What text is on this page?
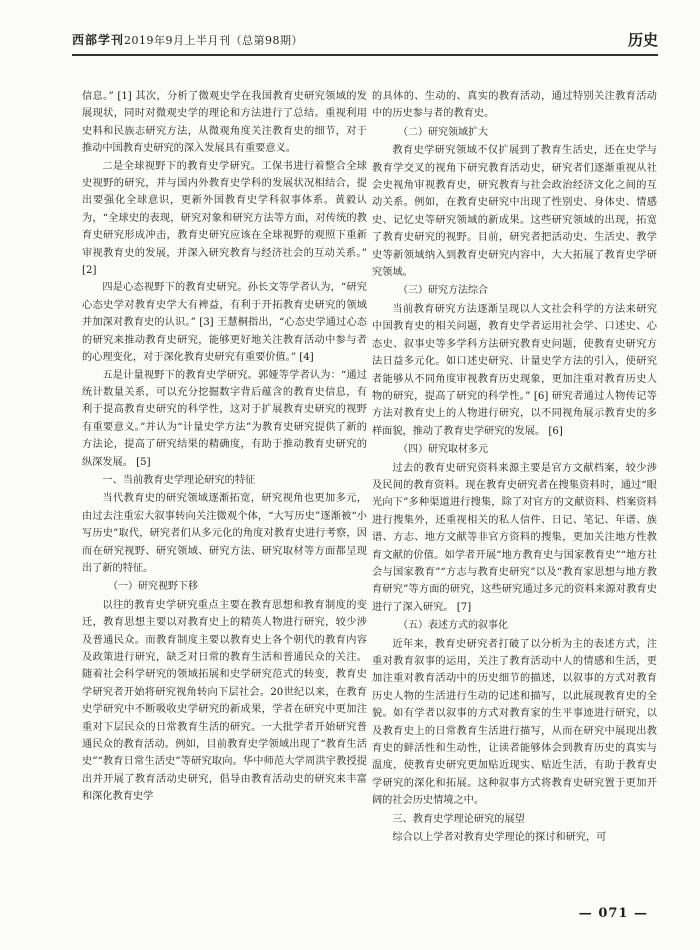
西部学刊 2019年9月上半月刊（总第98期）	历史

信息。” [1] 其次，分析了微观史学在我国教育史研究领域的发展现状，同时对微观史学的理论和方法进行了总结。重视利用史料和民族志研究方法，从微观角度关注教育史的细节，对于推动中国教育史研究的深入发展具有重要意义。

二是全球视野下的教育史学研究。工保书进行着整合全球史视野的研究，并与国内外教育史学科的发展状况相结合，提出要强化全球意识，更新外国教育史学科叙事体系。黄毅认为，“全球史的表现，研究对象和研究方法等方面，对传统的教育史研究形成冲击，教育史研究应该在全球视野的观照下重新审视教育史的发展，并深入研究教育与经济社会的互动关系。” [2]

四是心态视野下的教育史研究。孙长文等学者认为，“研究心态史学对教育史学大有裨益，有利于开拓教育史研究的领域并加深对教育史的认识。” [3] 王慧桐指出，“心态史学通过心态的研究来推动教育史研究，能够更好地关注教育活动中参与者的心理变化，对于深化教育史研究有重要价值。” [4]

五是计量视野下的教育史学研究。郭娅等学者认为：“通过统计数量关系，可以充分挖掘数字背后蕴含的教育史信息，有利于提高教育史研究的科学性，这对于扩展教育史研究的视野有重要意义。”并认为“计量史学方法”为教育史研究提供了新的方法论，提高了研究结果的精确度，有助于推动教育史研究的纵深发展。 [5]

一、当前教育史学理论研究的特征

当代教育史的研究领域逐渐拓宽，研究视角也更加多元，由过去注重宏大叙事转向关注微观个体，“大写历史”逐渐被“小写历史”取代，研究者们从多元化的角度对教育史进行考察，因而在研究视野、研究领域、研究方法、研究取材等方面都呈现出了新的特征。

（一）研究视野下移

以往的教育史学研究重点主要在教育思想和教育制度的变迁，教育思想主要以对教育史上的精英人物进行研究，较少涉及普通民众。而教育制度主要以教育史上各个朝代的教育内容及政策进行研究，缺乏对日常的教育生活和普通民众的关注。随着社会科学研究的领域拓展和史学研究范式的转变，教育史学研究者开始将研究视角转向下层社会。20世纪以来，在教育史学研究中不断吸收史学研究的新成果，学者在研究中更加注重对下层民众的日常教育生活的研究。一大批学者开始研究普通民众的教育活动。例如，目前教育史学领域出现了“教育生活史”“教育日常生活史”等研究取向。华中师范大学周洪宇教授提出并开展了教育活动史研究，倡导由教育活动史的研究来丰富和深化教育史学

的具体的、生动的、真实的教育活动，通过特别关注教育活动中的历史参与者的教育史。

（二）研究领域扩大

教育史学研究领域不仅扩展到了教育生活史，还在史学与教育学交叉的视角下研究教育活动史，研究者们逐渐重视从社会史视角审视教育史，研究教育与社会政治经济文化之间的互动关系。例如，在教育史研究中出现了性别史、身体史、情感史、记忆史等研究领域的新成果。这些研究领域的出现，拓宽了教育史研究的视野。目前，研究者把活动史、生活史、教学史等新领域纳入到教育史研究内容中，大大拓展了教育史学研究领域。

（三）研究方法综合

当前教育研究方法逐渐呈现以人文社会科学的方法来研究中国教育史的相关问题，教育史学者运用社会学、口述史、心态史、叙事史等多学科方法研究教育史问题，使教育史研究方法日益多元化。如口述史研究、计量史学方法的引入，使研究者能够从不同角度审视教育历史现象，更加注重对教育历史人物的研究，提高了研究的科学性。” [6] 研究者通过人物传记等方法对教育史上的人物进行研究，以不同视角展示教育史的多样面貌，推动了教育史学研究的发展。 [6]

（四）研究取材多元

过去的教育史研究资料来源主要是官方文献档案，较少涉及民间的教育资料。现在教育史研究者在搜集资料时，通过“眼光向下”多种渠道进行搜集，除了对官方的文献资料、档案资料进行搜集外，还重视相关的私人信件、日记、笔记、年谱、族谱、方志、地方文献等非官方资料的搜集，更加关注地方性教育文献的价值。如学者开展“地方教育史与国家教育史”“地方社会与国家教育”“方志与教育史研究”以及“教育家思想与地方教育研究”等方面的研究，这些研究通过多元的资料来源对教育史进行了深入研究。 [7]

（五）表述方式的叙事化

近年来，教育史研究者打破了以分析为主的表述方式，注重对教育叙事的运用，关注了教育活动中人的情感和生活，更加注重对教育活动中的历史细节的描述，以叙事的方式对教育历史人物的生活进行生动的记述和描写，以此展现教育史的全貌。如有学者以叙事的方式对教育家的生平事迹进行研究，以及教育史上的日常教育生活进行描写，从而在研究中展现出教育史的鲜活性和生动性，让读者能够体会到教育历史的真实与温度，使教育史研究更加贴近现实、贴近生活，有助于教育史学研究的深化和拓展。这种叙事方式将教育史研究置于更加开阔的社会历史情境之中。

三、教育史学理论研究的展望

综合以上学者对教育史学理论的探讨和研究，可

— 071 —
